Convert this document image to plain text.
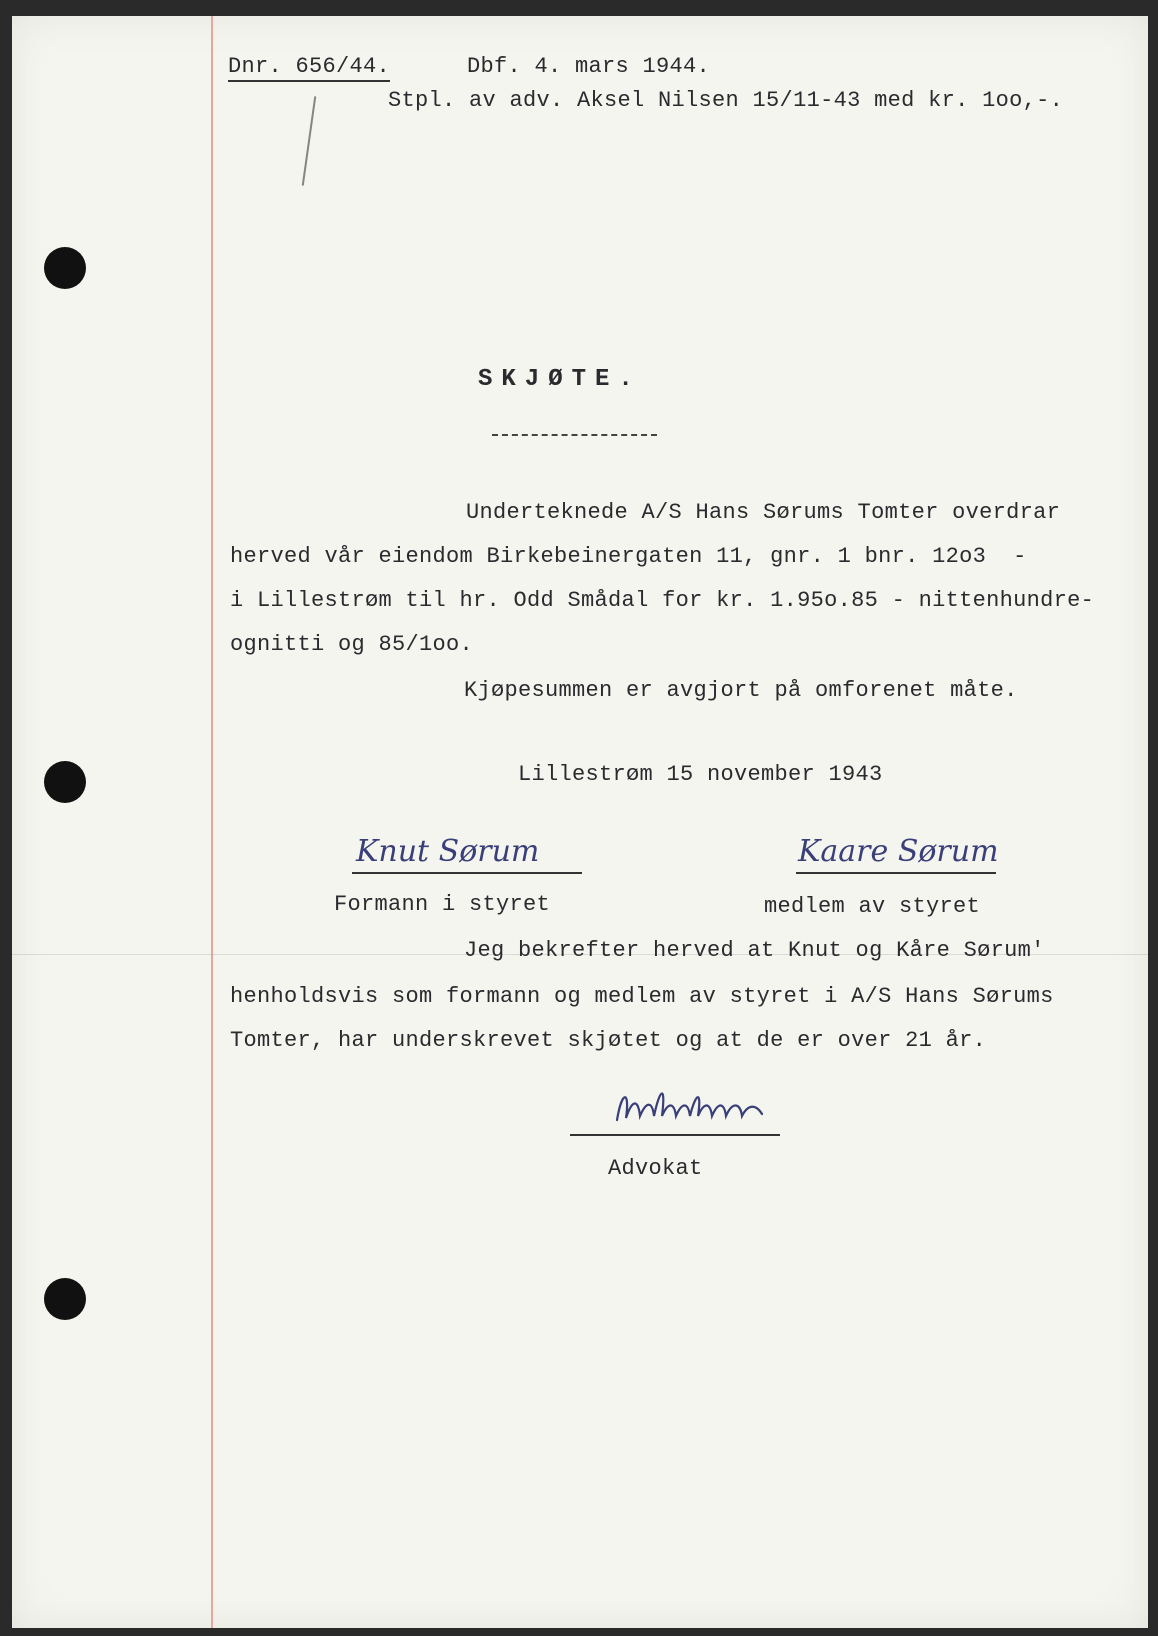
Dnr. 656/44.	Dbf. 4. mars 1944.
Stpl. av adv. Aksel Nilsen 15/11-43 med kr. 1oo,-.
SKJØTE.
Underteknede A/S Hans Sørums Tomter overdrar
herved vår eiendom Birkebeinergaten 11, gnr. 1 bnr. 12o3  -
i Lillestrøm til hr. Odd Smådal for kr. 1.95o.85 - nittenhundre-
ognitti og 85/1oo.
Kjøpesummen er avgjort på omforenet måte.
Lillestrøm 15 november 1943
Knut Sørum	Kaare Sørum
Formann i styret	medlem av styret
Jeg bekrefter herved at Knut og Kåre Sørum'
henholdsvis som formann og medlem av styret i A/S Hans Sørums
Tomter, har underskrevet skjøtet og at de er over 21 år.
Advokat
